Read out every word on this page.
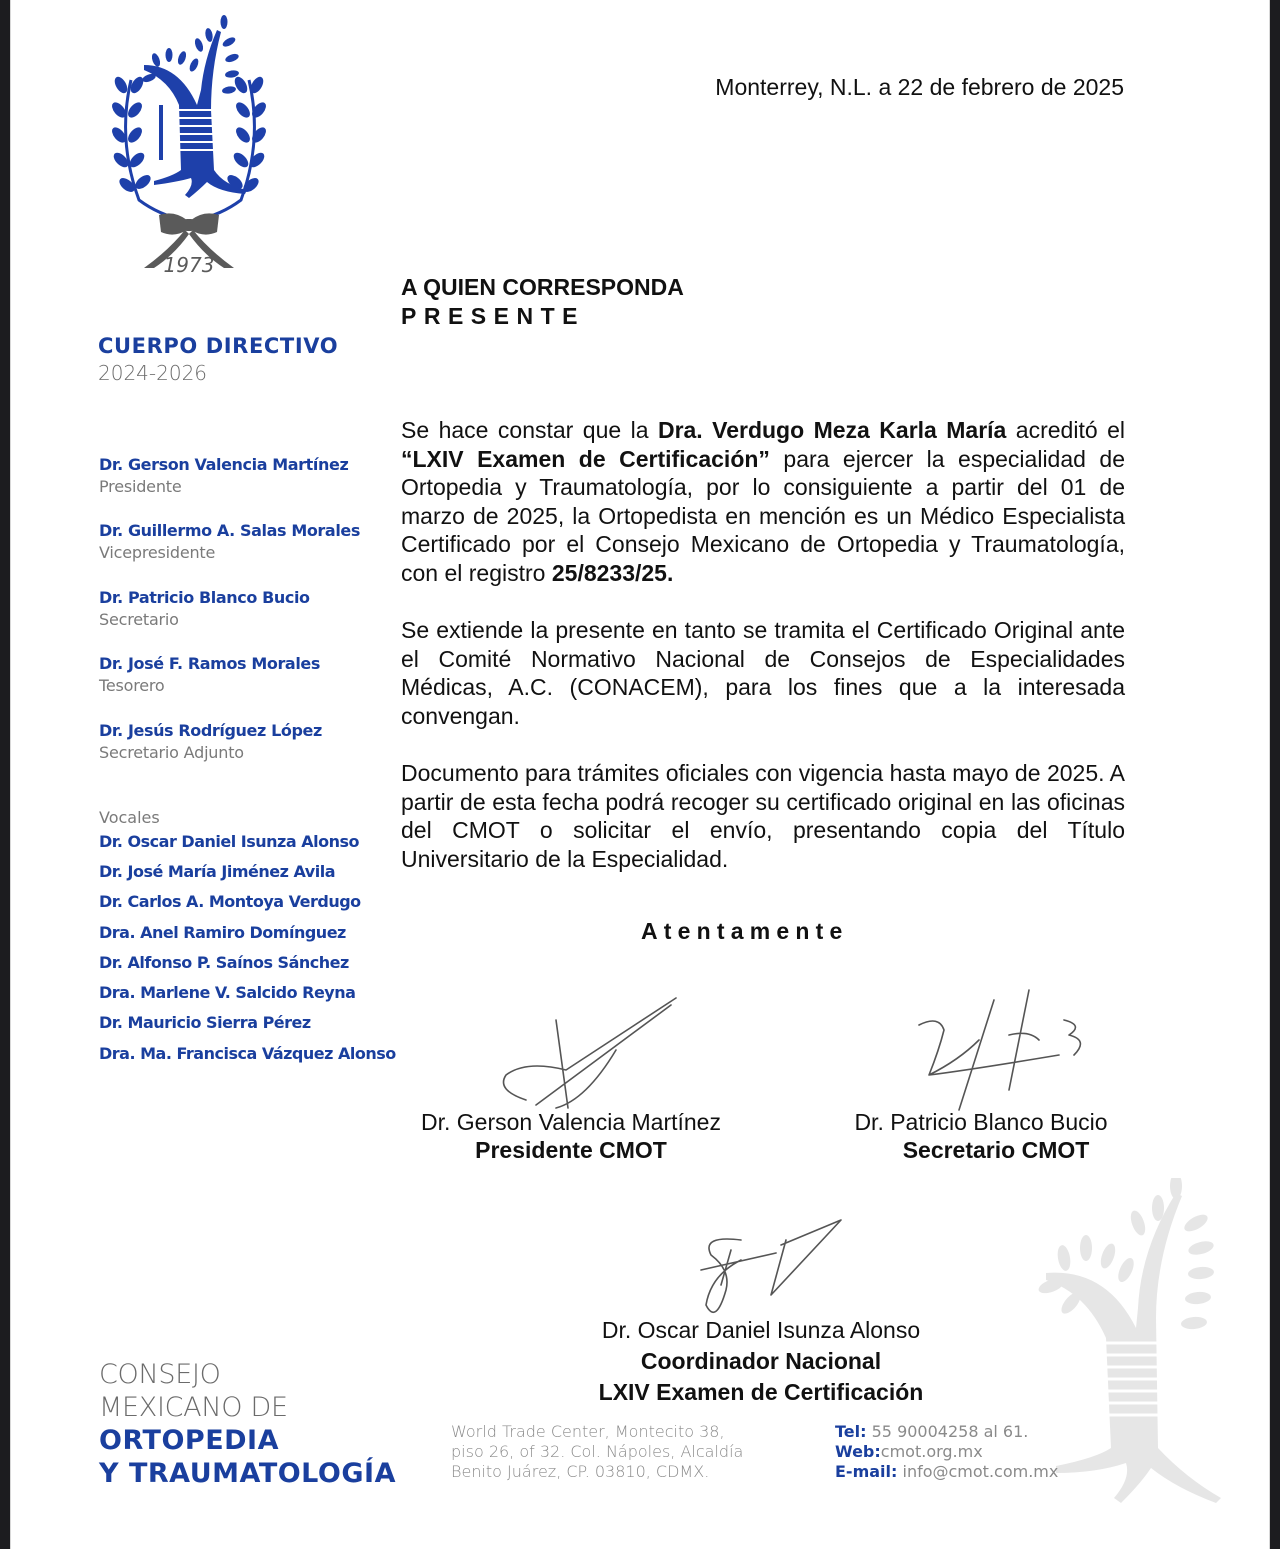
1973
CUERPO DIRECTIVO
2024-2026
Dr. Gerson Valencia Martínez
Presidente
Dr. Guillermo A. Salas Morales
Vicepresidente
Dr. Patricio Blanco Bucio
Secretario
Dr. José F. Ramos Morales
Tesorero
Dr. Jesús Rodríguez López
Secretario Adjunto
Vocales
Dr. Oscar Daniel Isunza Alonso
Dr. José María Jiménez Avila
Dr. Carlos A. Montoya Verdugo
Dra. Anel Ramiro Domínguez
Dr. Alfonso P. Saínos Sánchez
Dra. Marlene V. Salcido Reyna
Dr. Mauricio Sierra Pérez
Dra. Ma. Francisca Vázquez Alonso
CONSEJO
MEXICANO DE
ORTOPEDIA
Y TRAUMATOLOGÍA
Monterrey, N.L. a 22 de febrero de 2025
A QUIEN CORRESPONDA
PRESENTE
Se hace constar que la Dra. Verdugo Meza Karla María acreditó el “LXIV Examen de Certificación” para ejercer la especialidad de Ortopedia y Traumatología, por lo consiguiente a partir del 01 de marzo de 2025, la Ortopedista en mención es un Médico Especialista Certificado por el Consejo Mexicano de Ortopedia y Traumatología, con el registro 25/8233/25.
Se extiende la presente en tanto se tramita el Certificado Original ante el Comité Normativo Nacional de Consejos de Especialidades Médicas, A.C. (CONACEM), para los fines que a la interesada convengan.
Documento para trámites oficiales con vigencia hasta mayo de 2025. A partir de esta fecha podrá recoger su certificado original en las oficinas del CMOT o solicitar el envío, presentando copia del Título Universitario de la Especialidad.
Atentamente
Dr. Gerson Valencia Martínez
Presidente CMOT
Dr. Patricio Blanco Bucio
Secretario CMOT
Dr. Oscar Daniel Isunza Alonso
Coordinador Nacional
LXIV Examen de Certificación
World Trade Center, Montecito 38,
piso 26, of 32. Col. Nápoles, Alcaldía
Benito Juárez, CP. 03810, CDMX.
Tel: 55 90004258 al 61.
Web:cmot.org.mx
E-mail: info@cmot.com.mx
